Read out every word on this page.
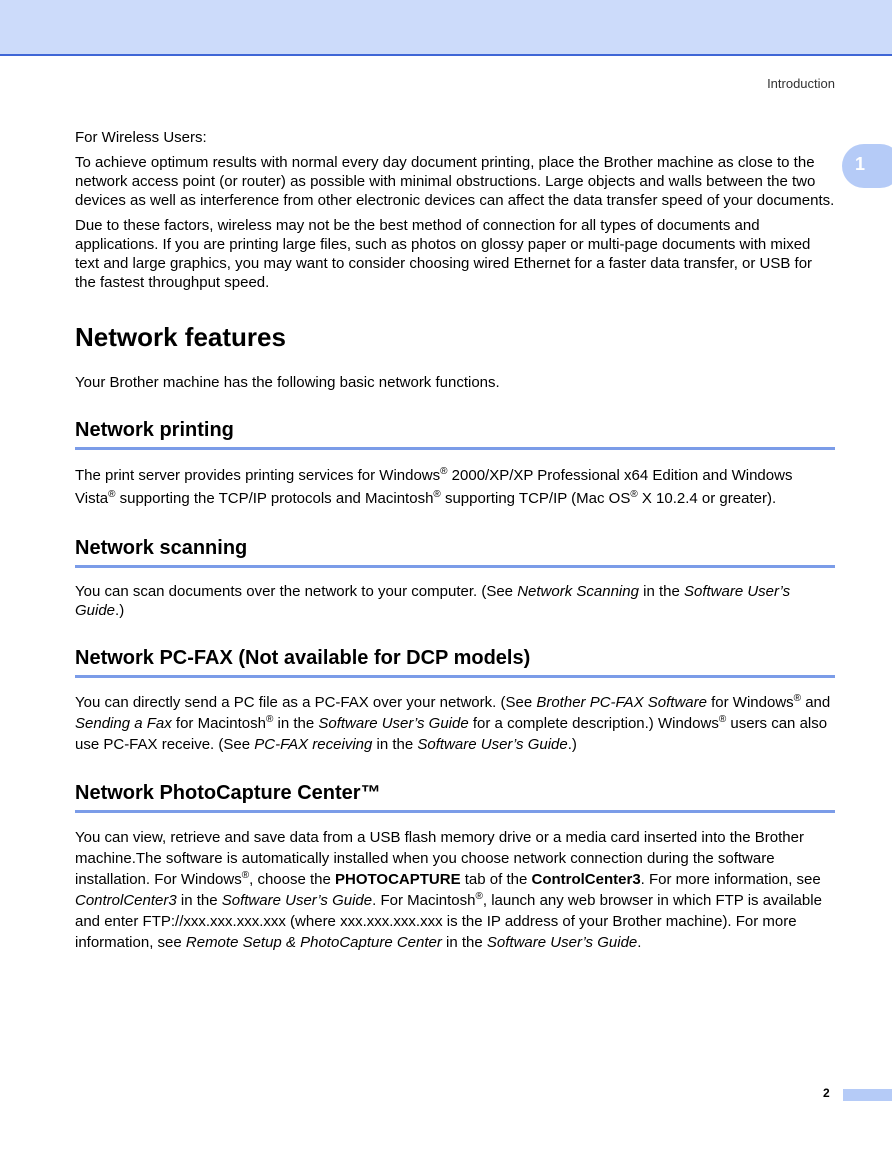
Introduction
1

For Wireless Users:

To achieve optimum results with normal every day document printing, place the Brother machine as close to the network access point (or router) as possible with minimal obstructions. Large objects and walls between the two devices as well as interference from other electronic devices can affect the data transfer speed of your documents.

Due to these factors, wireless may not be the best method of connection for all types of documents and applications. If you are printing large files, such as photos on glossy paper or multi-page documents with mixed text and large graphics, you may want to consider choosing wired Ethernet for a faster data transfer, or USB for the fastest throughput speed.

Network features

Your Brother machine has the following basic network functions.

Network printing

The print server provides printing services for Windows® 2000/XP/XP Professional x64 Edition and Windows Vista® supporting the TCP/IP protocols and Macintosh® supporting TCP/IP (Mac OS® X 10.2.4 or greater).

Network scanning

You can scan documents over the network to your computer. (See Network Scanning in the Software User’s Guide.)

Network PC-FAX (Not available for DCP models)

You can directly send a PC file as a PC-FAX over your network. (See Brother PC-FAX Software for Windows® and Sending a Fax for Macintosh® in the Software User’s Guide for a complete description.) Windows® users can also use PC-FAX receive. (See PC-FAX receiving in the Software User’s Guide.)

Network PhotoCapture Center™

You can view, retrieve and save data from a USB flash memory drive or a media card inserted into the Brother machine.The software is automatically installed when you choose network connection during the software installation. For Windows®, choose the PHOTOCAPTURE tab of the ControlCenter3. For more information, see ControlCenter3 in the Software User’s Guide. For Macintosh®, launch any web browser in which FTP is available and enter FTP://xxx.xxx.xxx.xxx (where xxx.xxx.xxx.xxx is the IP address of your Brother machine). For more information, see Remote Setup & PhotoCapture Center in the Software User’s Guide.

2
